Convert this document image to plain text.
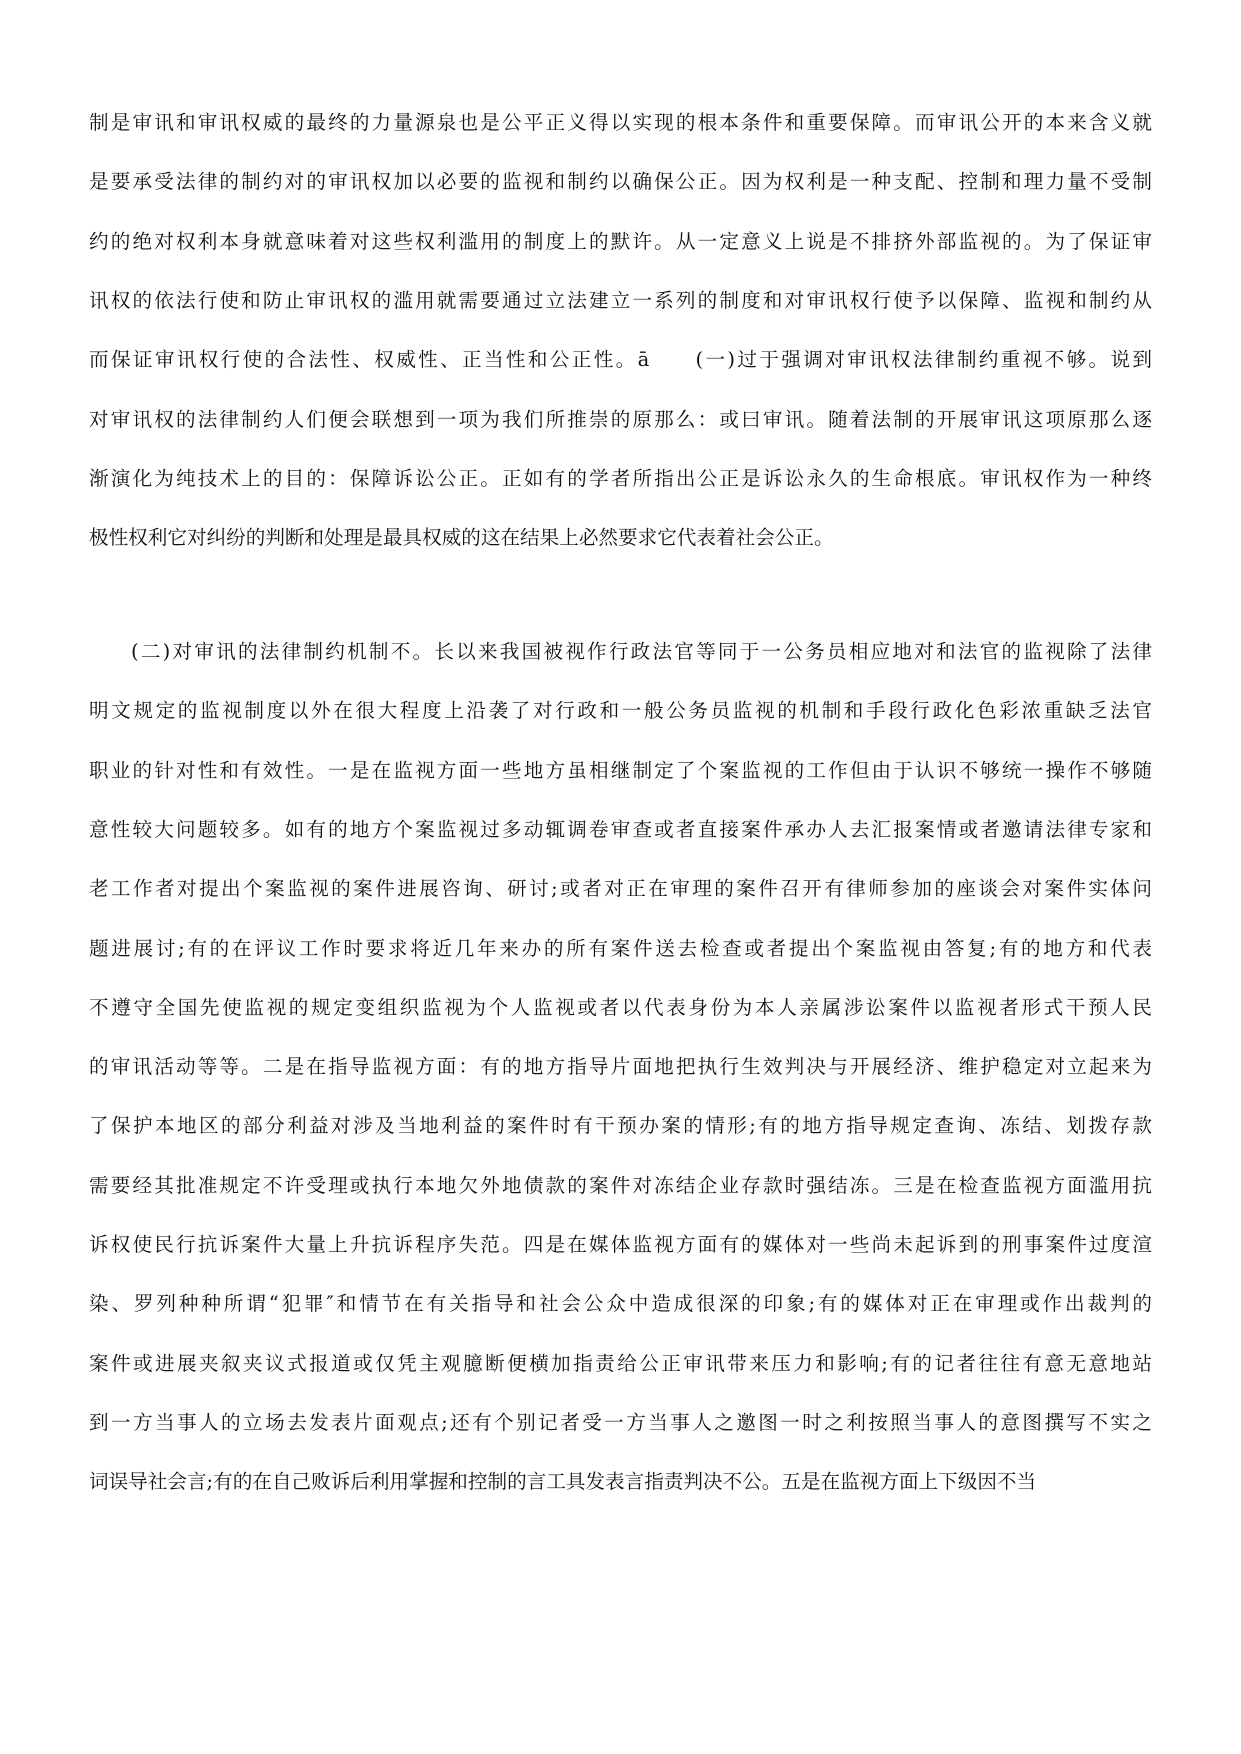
制是审讯和审讯权威的最终的力量源泉也是公平正义得以实现的根本条件和重要保障。而审讯公开的本来含义就
是要承受法律的制约对的审讯权加以必要的监视和制约以确保公正。因为权利是一种支配、控制和理力量不受制
约的绝对权利本身就意味着对这些权利滥用的制度上的默许。从一定意义上说是不排挤外部监视的。为了保证审
讯权的依法行使和防止审讯权的滥用就需要通过立法建立一系列的制度和对审讯权行使予以保障、监视和制约从
而保证审讯权行使的合法性、权威性、正当性和公正性。ā　　(一)过于强调对审讯权法律制约重视不够。说到
对审讯权的法律制约人们便会联想到一项为我们所推崇的原那么：或曰审讯。随着法制的开展审讯这项原那么逐
渐演化为纯技术上的目的：保障诉讼公正。正如有的学者所指出公正是诉讼永久的生命根底。审讯权作为一种终
极性权利它对纠纷的判断和处理是最具权威的这在结果上必然要求它代表着社会公正。
(二)对审讯的法律制约机制不。长以来我国被视作行政法官等同于一公务员相应地对和法官的监视除了法律
明文规定的监视制度以外在很大程度上沿袭了对行政和一般公务员监视的机制和手段行政化色彩浓重缺乏法官
职业的针对性和有效性。一是在监视方面一些地方虽相继制定了个案监视的工作但由于认识不够统一操作不够随
意性较大问题较多。如有的地方个案监视过多动辄调卷审查或者直接案件承办人去汇报案情或者邀请法律专家和
老工作者对提出个案监视的案件进展咨询、研讨;或者对正在审理的案件召开有律师参加的座谈会对案件实体问
题进展讨;有的在评议工作时要求将近几年来办的所有案件送去检查或者提出个案监视由答复;有的地方和代表
不遵守全国先使监视的规定变组织监视为个人监视或者以代表身份为本人亲属涉讼案件以监视者形式干预人民
的审讯活动等等。二是在指导监视方面：有的地方指导片面地把执行生效判决与开展经济、维护稳定对立起来为
了保护本地区的部分利益对涉及当地利益的案件时有干预办案的情形;有的地方指导规定查询、冻结、划拨存款
需要经其批准规定不许受理或执行本地欠外地债款的案件对冻结企业存款时强结冻。三是在检查监视方面滥用抗
诉权使民行抗诉案件大量上升抗诉程序失范。四是在媒体监视方面有的媒体对一些尚未起诉到的刑事案件过度渲
染、罗列种种所谓“犯罪″和情节在有关指导和社会公众中造成很深的印象;有的媒体对正在审理或作出裁判的
案件或进展夹叙夹议式报道或仅凭主观臆断便横加指责给公正审讯带来压力和影响;有的记者往往有意无意地站
到一方当事人的立场去发表片面观点;还有个别记者受一方当事人之邀图一时之利按照当事人的意图撰写不实之
词误导社会言;有的在自己败诉后利用掌握和控制的言工具发表言指责判决不公。五是在监视方面上下级因不当
